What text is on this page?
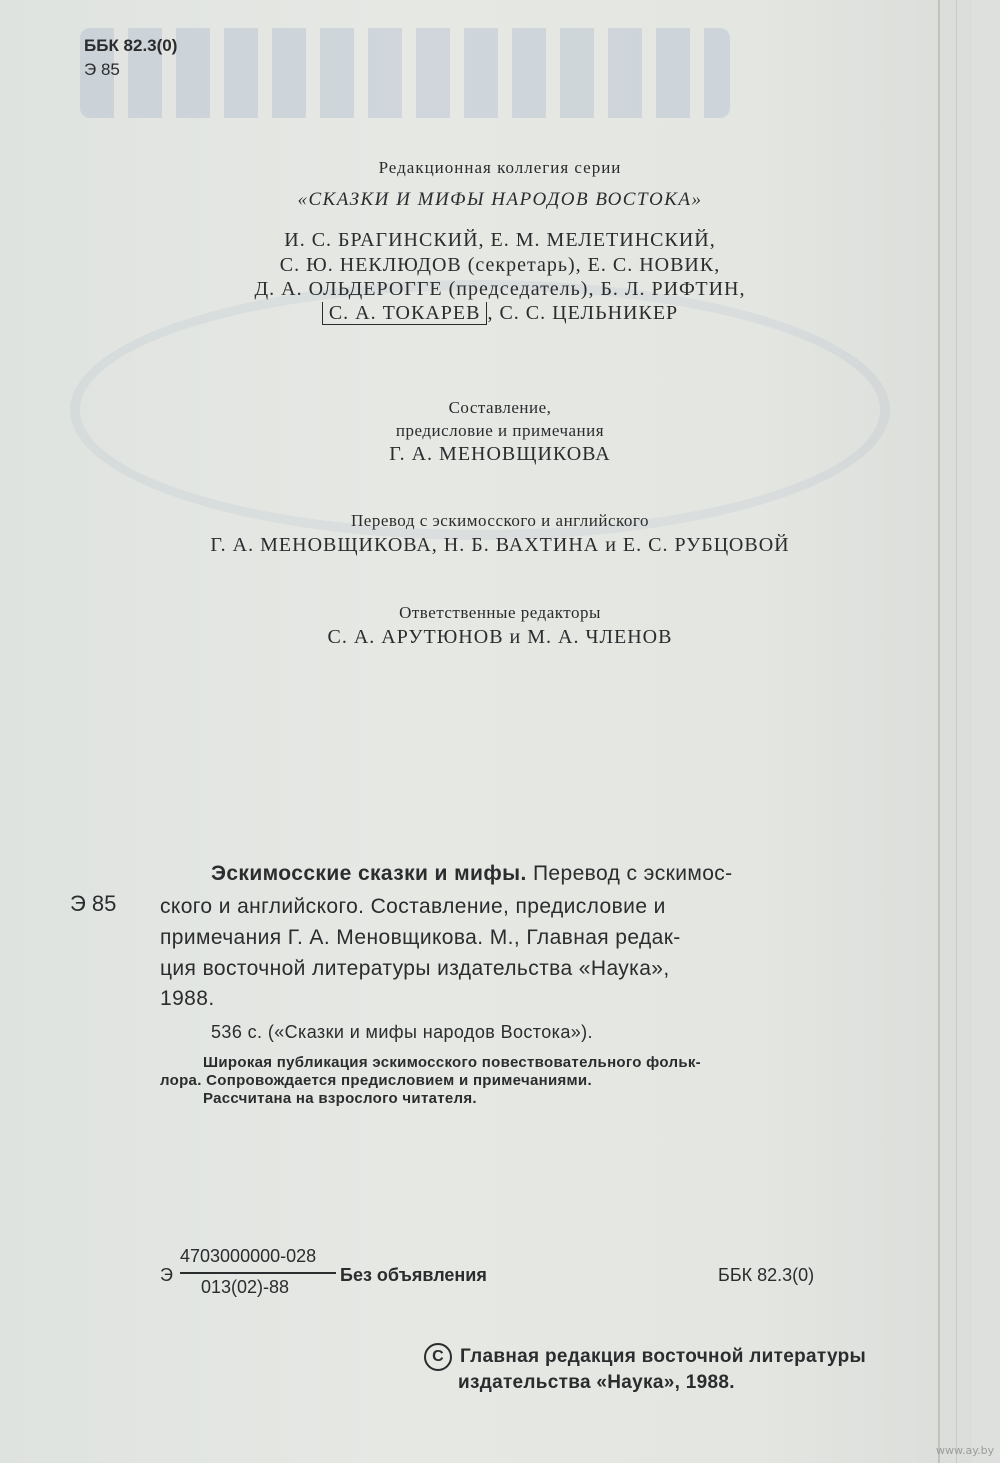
ББК 82.3(0)
Э 85
Редакционная коллегия серии
«СКАЗКИ И МИФЫ НАРОДОВ ВОСТОКА»
И. С. БРАГИНСКИЙ, Е. М. МЕЛЕТИНСКИЙ,
С. Ю. НЕКЛЮДОВ (секретарь), Е. С. НОВИК,
Д. А. ОЛЬДЕРОГГЕ (председатель), Б. Л. РИФТИН,
С. А. ТОКАРЕВ , С. С. ЦЕЛЬНИКЕР
Составление,
предисловие и примечания
Г. А. МЕНОВЩИКОВА
Перевод с эскимосского и английского
Г. А. МЕНОВЩИКОВА, Н. Б. ВАХТИНА и Е. С. РУБЦОВОЙ
Ответственные редакторы
С. А. АРУТЮНОВ и М. А. ЧЛЕНОВ
Э 85
Эскимосские сказки и мифы. Перевод с эскимос-
ского и английского. Составление, предисловие и
примечания Г. А. Меновщикова. М., Главная редак-
ция восточной литературы издательства «Наука»,
1988.
536 с. («Сказки и мифы народов Востока»).
Широкая публикация эскимосского повествовательного фольк-
лора. Сопровождается предисловием и примечаниями.
Рассчитана на взрослого читателя.
Э
4703000000-028
013(02)-88
Без объявления	ББК 82.3(0)
C Главная редакция восточной литературы
издательства «Наука», 1988.
www.ay.by
